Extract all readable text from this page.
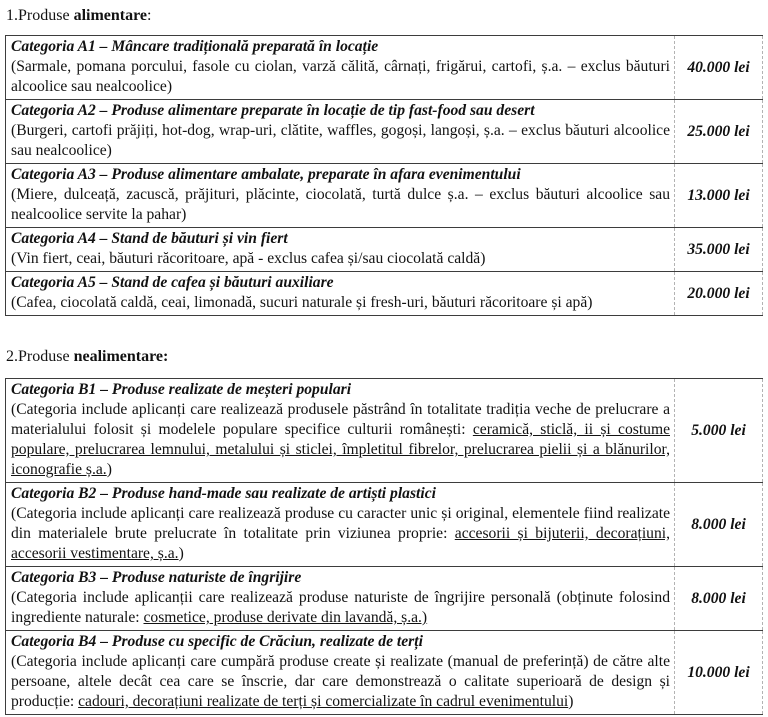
1.Produse alimentare:
Categoria A1 – Mâncare tradițională preparată în locație
(Sarmale, pomana porcului, fasole cu ciolan, varză călită, cârnați, frigărui, cartofi, ș.a. – exclus băuturi alcoolice sau nealcoolice)	40.000 lei

Categoria A2 – Produse alimentare preparate în locație de tip fast-food sau desert
(Burgeri, cartofi prăjiți, hot-dog, wrap-uri, clătite, waffles, gogoși, langoși, ș.a. – exclus băuturi alcoolice sau nealcoolice)	25.000 lei

Categoria A3 – Produse alimentare ambalate, preparate în afara evenimentului
(Miere, dulceață, zacuscă, prăjituri, plăcinte, ciocolată, turtă dulce ș.a. – exclus băuturi alcoolice sau nealcoolice servite la pahar)	13.000 lei

Categoria A4 – Stand de băuturi și vin fiert
(Vin fiert, ceai, băuturi răcoritoare, apă - exclus cafea și/sau ciocolată caldă)	35.000 lei

Categoria A5 – Stand de cafea și băuturi auxiliare
(Cafea, ciocolată caldă, ceai, limonadă, sucuri naturale și fresh-uri, băuturi răcoritoare și apă)	20.000 lei
2.Produse nealimentare:
Categoria B1 – Produse realizate de meșteri populari
(Categoria include aplicanți care realizează produsele păstrând în totalitate tradiția veche de prelucrare a materialului folosit și modelele populare specifice culturii românești: ceramică, sticlă, ii și costume populare, prelucrarea lemnului, metalului și sticlei, împletitul fibrelor, prelucrarea pielii și a blănurilor, iconografie ș.a.)	5.000 lei

Categoria B2 – Produse hand-made sau realizate de artiști plastici
(Categoria include aplicanți care realizează produse cu caracter unic și original, elementele fiind realizate din materialele brute prelucrate în totalitate prin viziunea proprie: accesorii și bijuterii, decorațiuni, accesorii vestimentare, ș.a.)	8.000 lei

Categoria B3 – Produse naturiste de îngrijire
(Categoria include aplicanții care realizează produse naturiste de îngrijire personală (obținute folosind ingrediente naturale: cosmetice, produse derivate din lavandă, ș.a.)	8.000 lei

Categoria B4 – Produse cu specific de Crăciun, realizate de terți
(Categoria include aplicanți care cumpără produse create și realizate (manual de preferință) de către alte persoane, altele decât cea care se înscrie, dar care demonstrează o calitate superioară de design și producție: cadouri, decorațiuni realizate de terți și comercializate în cadrul evenimentului)	10.000 lei
